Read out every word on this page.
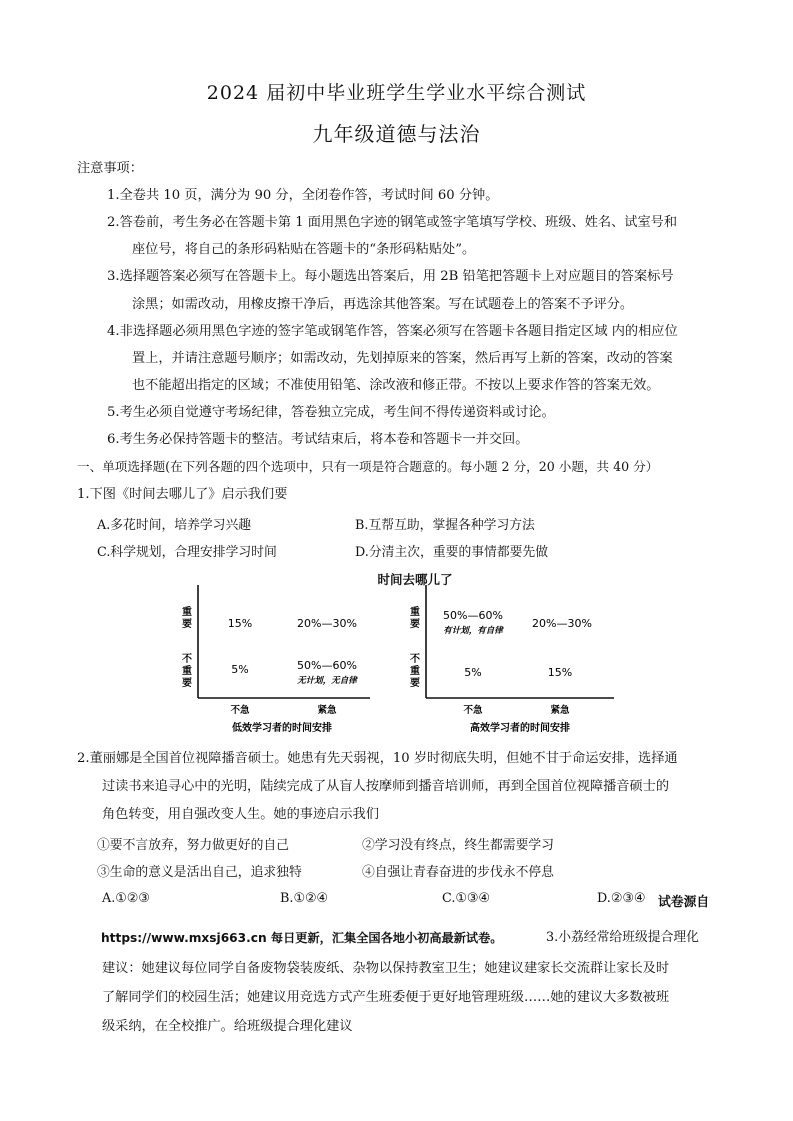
2024 届初中毕业班学生学业水平综合测试
九年级道德与法治
注意事项：
1.全卷共 10 页，满分为 90 分，全闭卷作答，考试时间 60 分钟。
2.答卷前，考生务必在答题卡第 1 面用黑色字迹的钢笔或签字笔填写学校、班级、姓名、试室号和
座位号，将自己的条形码粘贴在答题卡的“条形码粘贴处”。
3.选择题答案必须写在答题卡上。每小题选出答案后，用 2B 铅笔把答题卡上对应题目的答案标号
涂黑；如需改动，用橡皮擦干净后，再选涂其他答案。写在试题卷上的答案不予评分。
4.非选择题必须用黑色字迹的签字笔或钢笔作答，答案必须写在答题卡各题目指定区域 内的相应位
置上，并请注意题号顺序；如需改动，先划掉原来的答案，然后再写上新的答案，改动的答案
也不能超出指定的区域；不准使用铅笔、涂改液和修正带。不按以上要求作答的答案无效。
5.考生必须自觉遵守考场纪律，答卷独立完成，考生间不得传递资料或讨论。
6.考生务必保持答题卡的整洁。考试结束后，将本卷和答题卡一并交回。
一、单项选择题(在下列各题的四个选项中，只有一项是符合题意的。每小题 2 分，20 小题，共 40 分）
1.下图《时间去哪儿了》启示我们要
A.多花时间，培养学习兴趣	B.互帮互助，掌握各种学习方法
C.科学规划，合理安排学习时间	D.分清主次，重要的事情都要先做
时间去哪儿了
重
要
不
重
要
重
要
不
重
要
15%	20%—30%
5%	50%—60%
无计划，无自律
不急	紧急
低效学习者的时间安排
50%—60%
有计划，有自律
20%—30%
5%	15%
不急	紧急
高效学习者的时间安排
2.董丽娜是全国首位视障播音硕士。她患有先天弱视，10 岁时彻底失明，但她不甘于命运安排，选择通
过读书来追寻心中的光明，陆续完成了从盲人按摩师到播音培训师，再到全国首位视障播音硕士的
角色转变，用自强改变人生。她的事迹启示我们
①要不言放弃，努力做更好的自己	②学习没有终点，终生都需要学习
③生命的意义是活出自己，追求独特	④自强让青春奋进的步伐永不停息
A.①②③	B.①②④	C.①③④	D.②③④ 试卷源自
https://www.mxsj663.cn 每日更新，汇集全国各地小初高最新试卷。	3.小荔经常给班级提合理化
建议：她建议每位同学自备废物袋装废纸、杂物以保持教室卫生；她建议建家长交流群让家长及时
了解同学们的校园生活；她建议用竞选方式产生班委便于更好地管理班级……她的建议大多数被班
级采纳，在全校推广。给班级提合理化建议
